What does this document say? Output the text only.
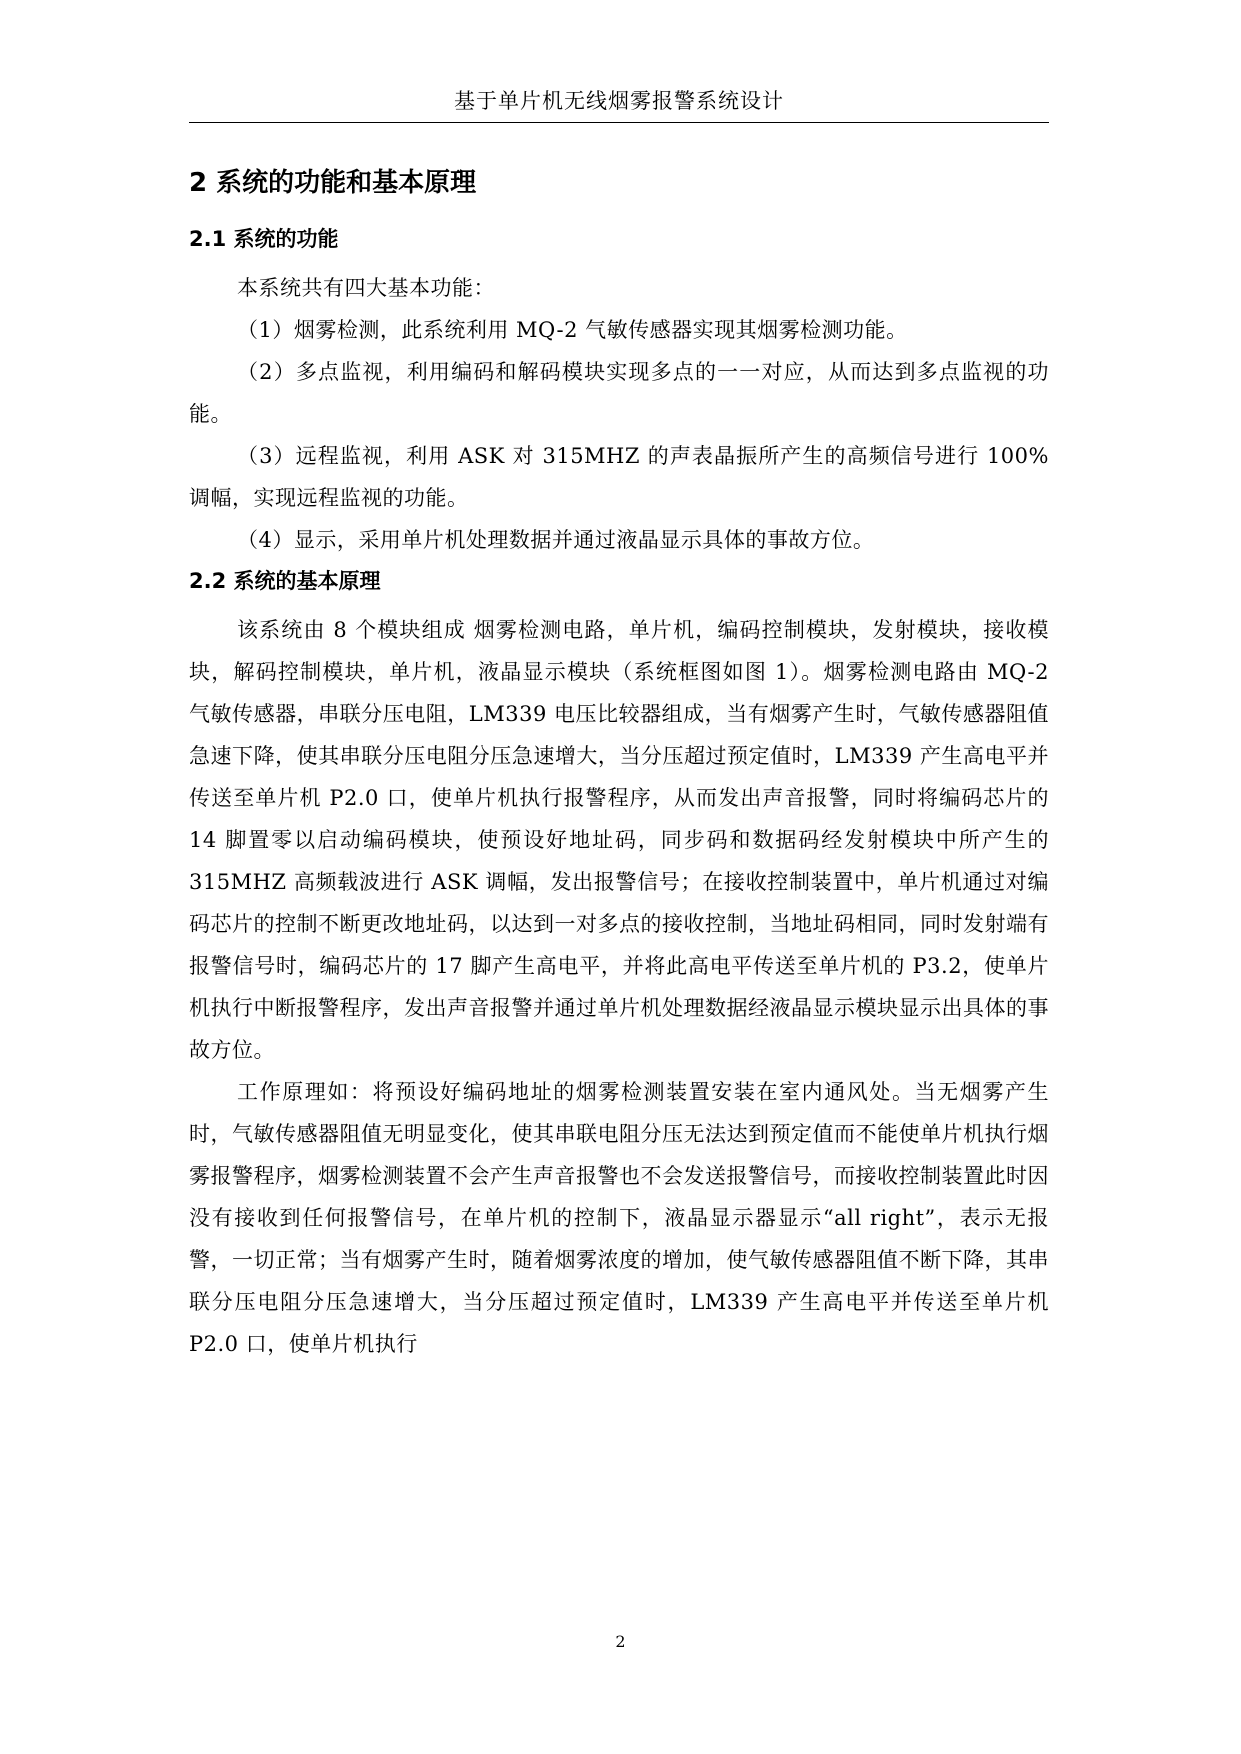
基于单片机无线烟雾报警系统设计
2 系统的功能和基本原理
2.1 系统的功能

本系统共有四大基本功能：

（1）烟雾检测，此系统利用 MQ-2 气敏传感器实现其烟雾检测功能。

（2）多点监视，利用编码和解码模块实现多点的一一对应，从而达到多点监视的功能。

（3）远程监视，利用 ASK 对 315MHZ 的声表晶振所产生的高频信号进行 100%调幅，实现远程监视的功能。

（4）显示，采用单片机处理数据并通过液晶显示具体的事故方位。

2.2 系统的基本原理

该系统由 8 个模块组成 烟雾检测电路，单片机，编码控制模块，发射模块，接收模块，解码控制模块，单片机，液晶显示模块（系统框图如图 1）。烟雾检测电路由 MQ-2 气敏传感器，串联分压电阻，LM339 电压比较器组成，当有烟雾产生时，气敏传感器阻值急速下降，使其串联分压电阻分压急速增大，当分压超过预定值时，LM339 产生高电平并传送至单片机 P2.0 口，使单片机执行报警程序，从而发出声音报警，同时将编码芯片的 14 脚置零以启动编码模块，使预设好地址码，同步码和数据码经发射模块中所产生的 315MHZ 高频载波进行 ASK 调幅，发出报警信号；在接收控制装置中，单片机通过对编码芯片的控制不断更改地址码，以达到一对多点的接收控制，当地址码相同，同时发射端有报警信号时，编码芯片的 17 脚产生高电平，并将此高电平传送至单片机的 P3.2，使单片机执行中断报警程序，发出声音报警并通过单片机处理数据经液晶显示模块显示出具体的事故方位。

工作原理如：将预设好编码地址的烟雾检测装置安装在室内通风处。当无烟雾产生时，气敏传感器阻值无明显变化，使其串联电阻分压无法达到预定值而不能使单片机执行烟雾报警程序，烟雾检测装置不会产生声音报警也不会发送报警信号，而接收控制装置此时因没有接收到任何报警信号，在单片机的控制下，液晶显示器显示“all right”，表示无报警，一切正常；当有烟雾产生时，随着烟雾浓度的增加，使气敏传感器阻值不断下降，其串联分压电阻分压急速增大，当分压超过预定值时，LM339 产生高电平并传送至单片机 P2.0 口，使单片机执行

2
